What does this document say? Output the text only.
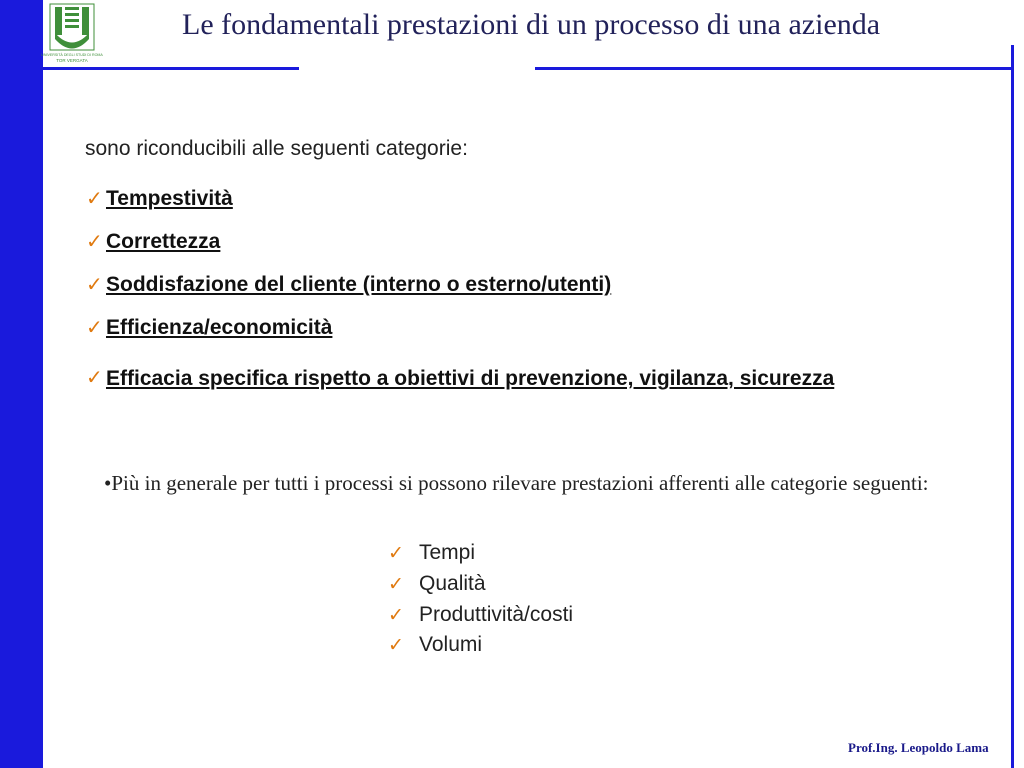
UNIVERSITÀ DEGLI STUDI DI ROMA
TOR VERGATA
Le fondamentali prestazioni di un processo di una azienda
sono riconducibili alle seguenti categorie:
✓ Tempestività
✓ Correttezza
✓ Soddisfazione del cliente (interno o esterno/utenti)
✓ Efficienza/economicità
✓ Efficacia specifica rispetto a obiettivi di prevenzione, vigilanza, sicurezza
•Più in generale per tutti i processi si possono rilevare prestazioni afferenti alle categorie seguenti:
✓ Tempi
✓ Qualità
✓ Produttività/costi
✓ Volumi
Prof.Ing. Leopoldo Lama
